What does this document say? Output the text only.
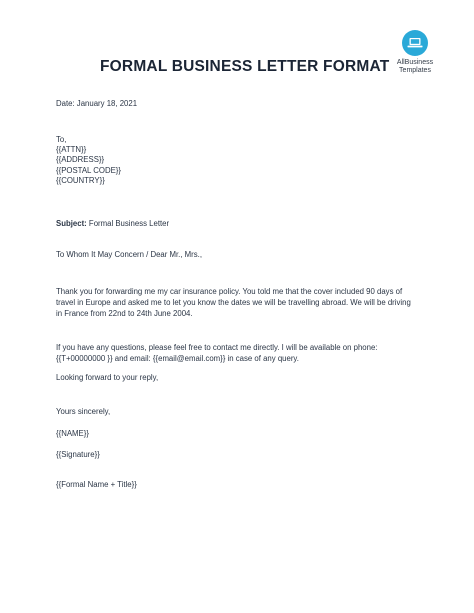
FORMAL BUSINESS LETTER FORMAT	AllBusiness
Templates
Date: January 18, 2021
To,
{{ATTN}}
{{ADDRESS}}
{{POSTAL CODE}}
{{COUNTRY}}
Subject: Formal Business Letter
To Whom It May Concern / Dear Mr., Mrs.,
Thank you for forwarding me my car insurance policy. You told me that the cover included 90 days of
travel in Europe and asked me to let you know the dates we will be travelling abroad. We will be driving
in France from 22nd to 24th June 2004.
If you have any questions, please feel free to contact me directly. I will be available on phone:
{{T+00000000 }} and email: {{email@email.com}} in case of any query.
Looking forward to your reply,
Yours sincerely,
{{NAME}}
{{Signature}}
{{Formal Name + Title}}
